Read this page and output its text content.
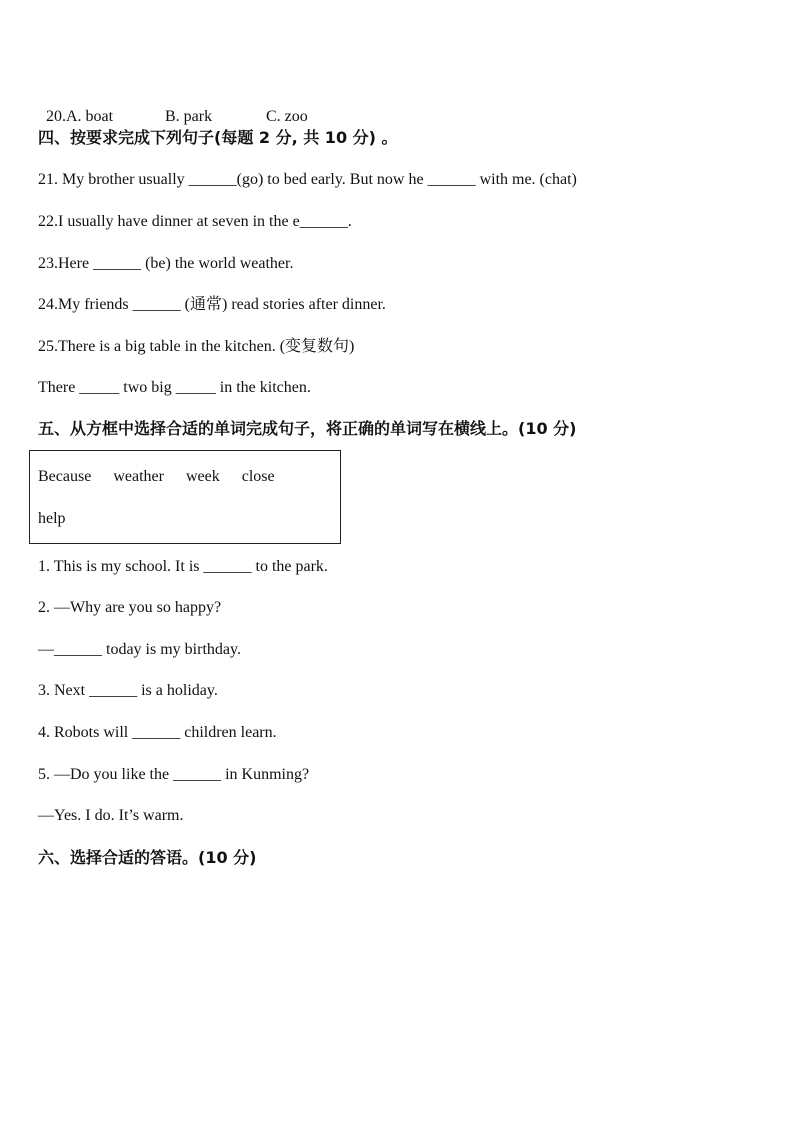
20.A. boat	B. park	C. zoo

四、按要求完成下列句子(每题 2 分, 共 10 分) 。
21. My brother usually ______(go) to bed early. But now he ______ with me. (chat)
22.I usually have dinner at seven in the e______.
23.Here ______ (be) the world weather.
24.My friends ______ (通常) read stories after dinner.
25.There is a big table in the kitchen. (变复数句)
There _____ two big _____ in the kitchen.
五、从方框中选择合适的单词完成句子，将正确的单词写在横线上。(10 分)
Because weather week close
help
1. This is my school. It is ______ to the park.
2. —Why are you so happy?
—______ today is my birthday.
3. Next ______ is a holiday.
4. Robots will ______ children learn.
5. —Do you like the ______ in Kunming?
—Yes. I do. It’s warm.
六、选择合适的答语。(10 分)
